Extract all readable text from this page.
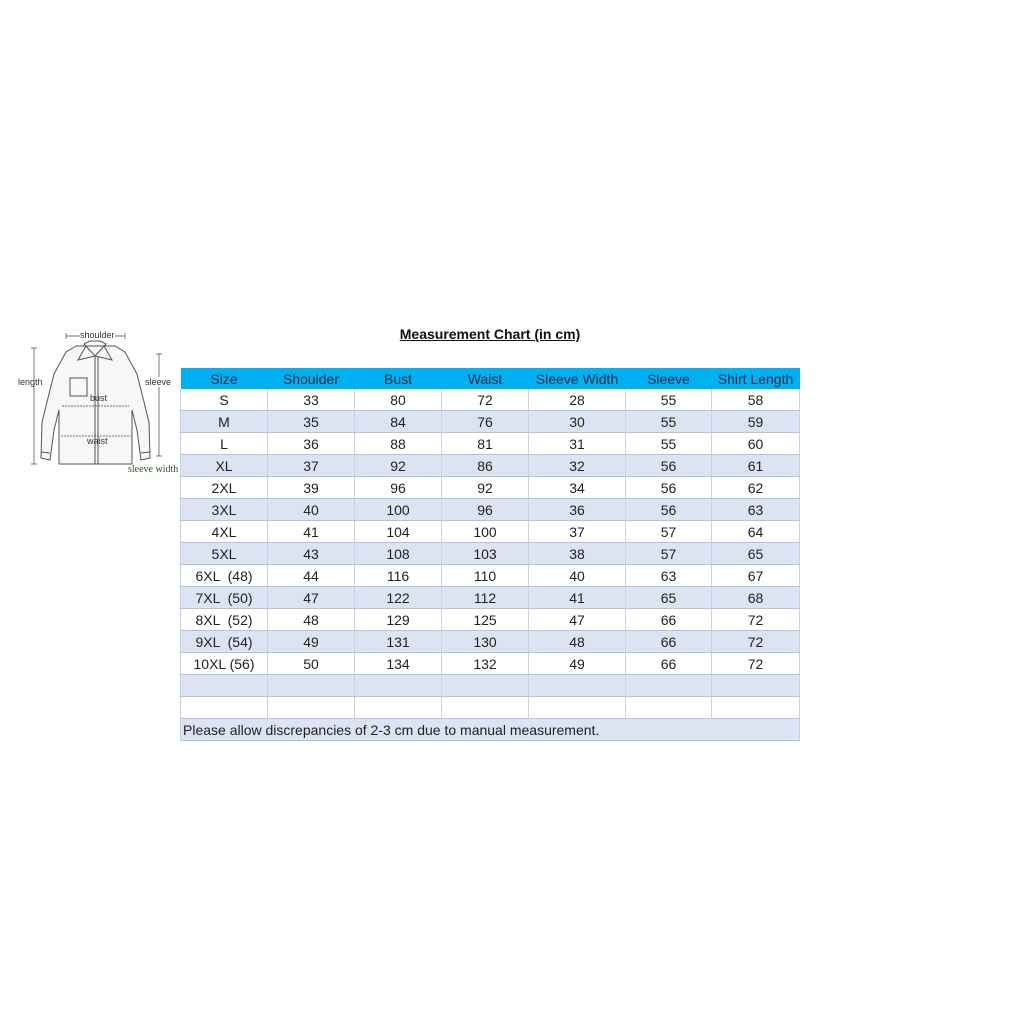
shoulder
length	sleeve
bust
waist
sleeve width
Measurement Chart (in cm)
Size	Shoulder	Bust	Waist	Sleeve Width	Sleeve	Shirt Length
S	33	80	72	28	55	58
M	35	84	76	30	55	59
L	36	88	81	31	55	60
XL	37	92	86	32	56	61
2XL	39	96	92	34	56	62
3XL	40	100	96	36	56	63
4XL	41	104	100	37	57	64
5XL	43	108	103	38	57	65
6XL  (48)	44	116	110	40	63	67
7XL  (50)	47	122	112	41	65	68
8XL  (52)	48	129	125	47	66	72
9XL  (54)	49	131	130	48	66	72
10XL (56)	50	134	132	49	66	72

Please allow discrepancies of 2-3 cm due to manual measurement.						
